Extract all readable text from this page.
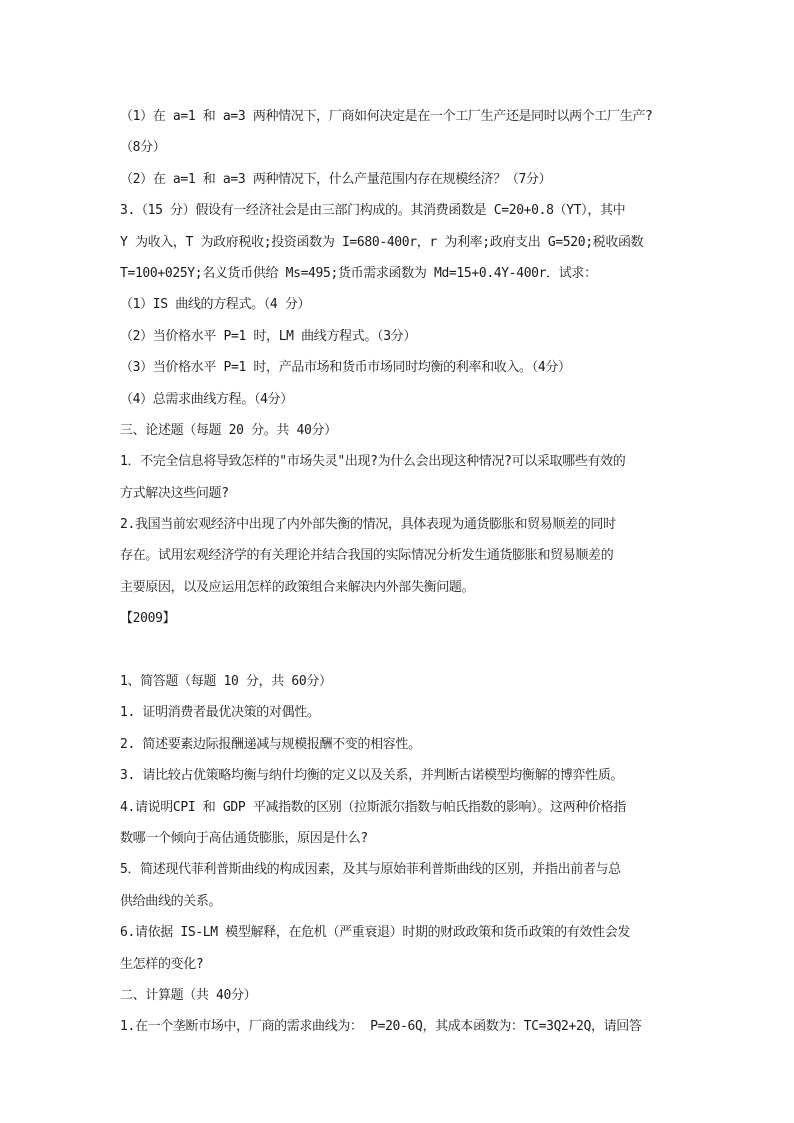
（1）在 a=1 和 a=3 两种情况下，厂商如何决定是在一个工厂生产还是同时以两个工厂生产?
（8分）
（2）在 a=1 和 a=3 两种情况下，什么产量范围内存在规模经济？（7分）
3.（15 分）假设有一经济社会是由三部门构成的。其消费函数是 C=20+0.8（YT），其中
Y 为收入，T 为政府税收;投资函数为 I=680-400r，r 为利率;政府支出 G=520;税收函数
T=100+025Y;名义货币供给 Ms=495;货币需求函数为 Md=15+0.4Y-400r．试求：
（1）IS 曲线的方程式。（4 分）
（2）当价格水平 P=1 时，LM 曲线方程式。（3分）
（3）当价格水平 P=1 时，产品市场和货币市场同时均衡的利率和收入。（4分）
（4）总需求曲线方程。（4分）
三、论述题（每题 20 分。共 40分）
1．不完全信息将导致怎样的"市场失灵"出现?为什么会出现这种情况?可以采取哪些有效的
方式解决这些问题?
2.我国当前宏观经济中出现了内外部失衡的情况，具体表现为通货膨胀和贸易顺差的同时
存在。试用宏观经济学的有关理论并结合我国的实际情况分析发生通货膨胀和贸易顺差的
主要原因，以及应运用怎样的政策组合来解决内外部失衡问题。
【2009】
1、简答题（每题 10 分，共 60分）
1. 证明消费者最优决策的对偶性。
2. 简述要素边际报酬递减与规模报酬不变的相容性。
3. 请比较占优策略均衡与纳什均衡的定义以及关系，并判断古诺模型均衡解的博弈性质。
4.请说明CPI 和 GDP 平减指数的区别（拉斯派尔指数与帕氏指数的影响）。这两种价格指
数哪一个倾向于高估通货膨胀，原因是什么?
5．简述现代菲利普斯曲线的构成因素，及其与原始菲利普斯曲线的区别，并指出前者与总
供给曲线的关系。
6.请依据 IS-LM 模型解释，在危机（严重衰退）时期的财政政策和货币政策的有效性会发
生怎样的变化?
二、计算题（共 40分）
1.在一个垄断市场中，厂商的需求曲线为： P=20-6Q，其成本函数为：TC=3Q2+2Q，请回答
